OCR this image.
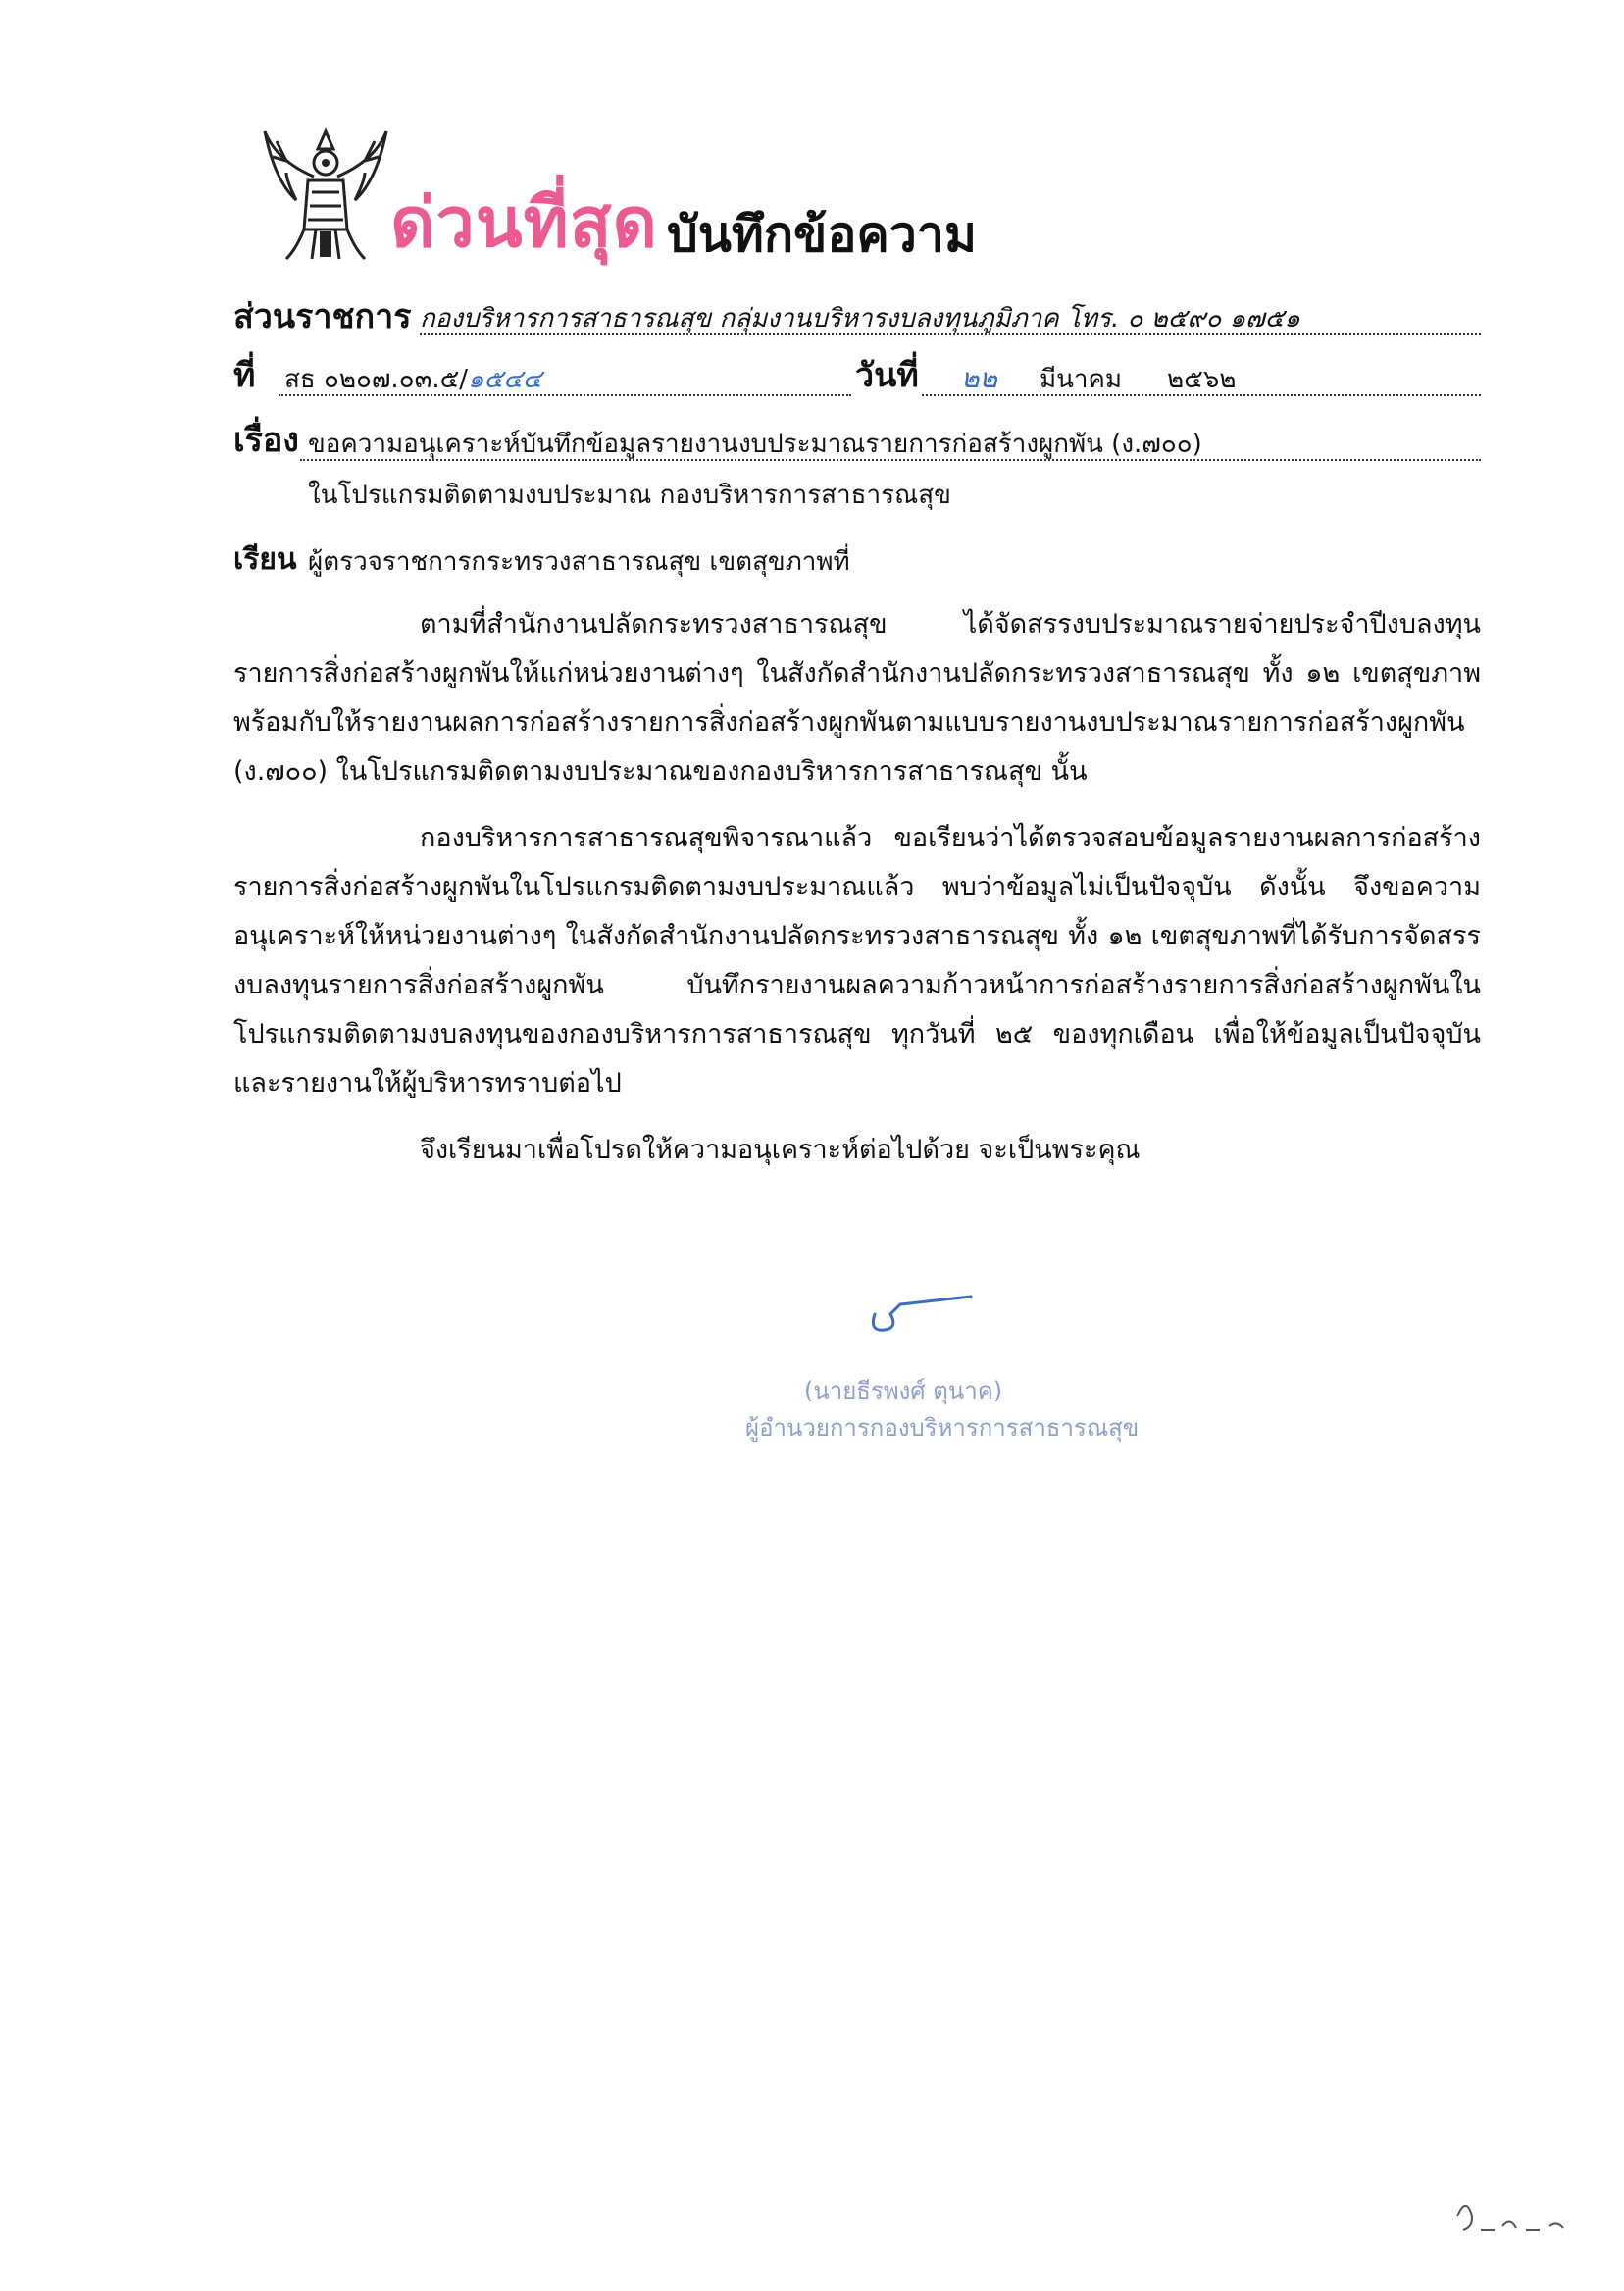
ด่วนที่สุด บันทึกข้อความ
ส่วนราชการ กองบริหารการสาธารณสุข กลุ่มงานบริหารงบลงทุนภูมิภาค โทร. ๐ ๒๕๙๐ ๑๗๕๑
ที่ สธ ๐๒๐๗.๐๓.๕/๑๕๔๔	วันที่ ๒๒ มีนาคม ๒๕๖๒
เรื่อง ขอความอนุเคราะห์บันทึกข้อมูลรายงานงบประมาณรายการก่อสร้างผูกพัน (ง.๗๐๐)
ในโปรแกรมติดตามงบประมาณ กองบริหารการสาธารณสุข
เรียน ผู้ตรวจราชการกระทรวงสาธารณสุข เขตสุขภาพที่
ตามที่สำนักงานปลัดกระทรวงสาธารณสุข ได้จัดสรรงบประมาณรายจ่ายประจำปีงบลงทุนรายการสิ่งก่อสร้างผูกพันให้แก่หน่วยงานต่างๆ ในสังกัดสำนักงานปลัดกระทรวงสาธารณสุข ทั้ง ๑๒ เขตสุขภาพ พร้อมกับให้รายงานผลการก่อสร้างรายการสิ่งก่อสร้างผูกพันตามแบบรายงานงบประมาณรายการก่อสร้างผูกพัน (ง.๗๐๐) ในโปรแกรมติดตามงบประมาณของกองบริหารการสาธารณสุข นั้น
กองบริหารการสาธารณสุขพิจารณาแล้ว ขอเรียนว่าได้ตรวจสอบข้อมูลรายงานผลการก่อสร้างรายการสิ่งก่อสร้างผูกพันในโปรแกรมติดตามงบประมาณแล้ว พบว่าข้อมูลไม่เป็นปัจจุบัน ดังนั้น จึงขอความอนุเคราะห์ให้หน่วยงานต่างๆ ในสังกัดสำนักงานปลัดกระทรวงสาธารณสุข ทั้ง ๑๒ เขตสุขภาพที่ได้รับการจัดสรรงบลงทุนรายการสิ่งก่อสร้างผูกพัน บันทึกรายงานผลความก้าวหน้าการก่อสร้างรายการสิ่งก่อสร้างผูกพันในโปรแกรมติดตามงบลงทุนของกองบริหารการสาธารณสุข ทุกวันที่ ๒๕ ของทุกเดือน เพื่อให้ข้อมูลเป็นปัจจุบัน และรายงานให้ผู้บริหารทราบต่อไป
จึงเรียนมาเพื่อโปรดให้ความอนุเคราะห์ต่อไปด้วย จะเป็นพระคุณ
(นายธีรพงศ์ ตุนาค)
ผู้อำนวยการกองบริหารการสาธารณสุข
